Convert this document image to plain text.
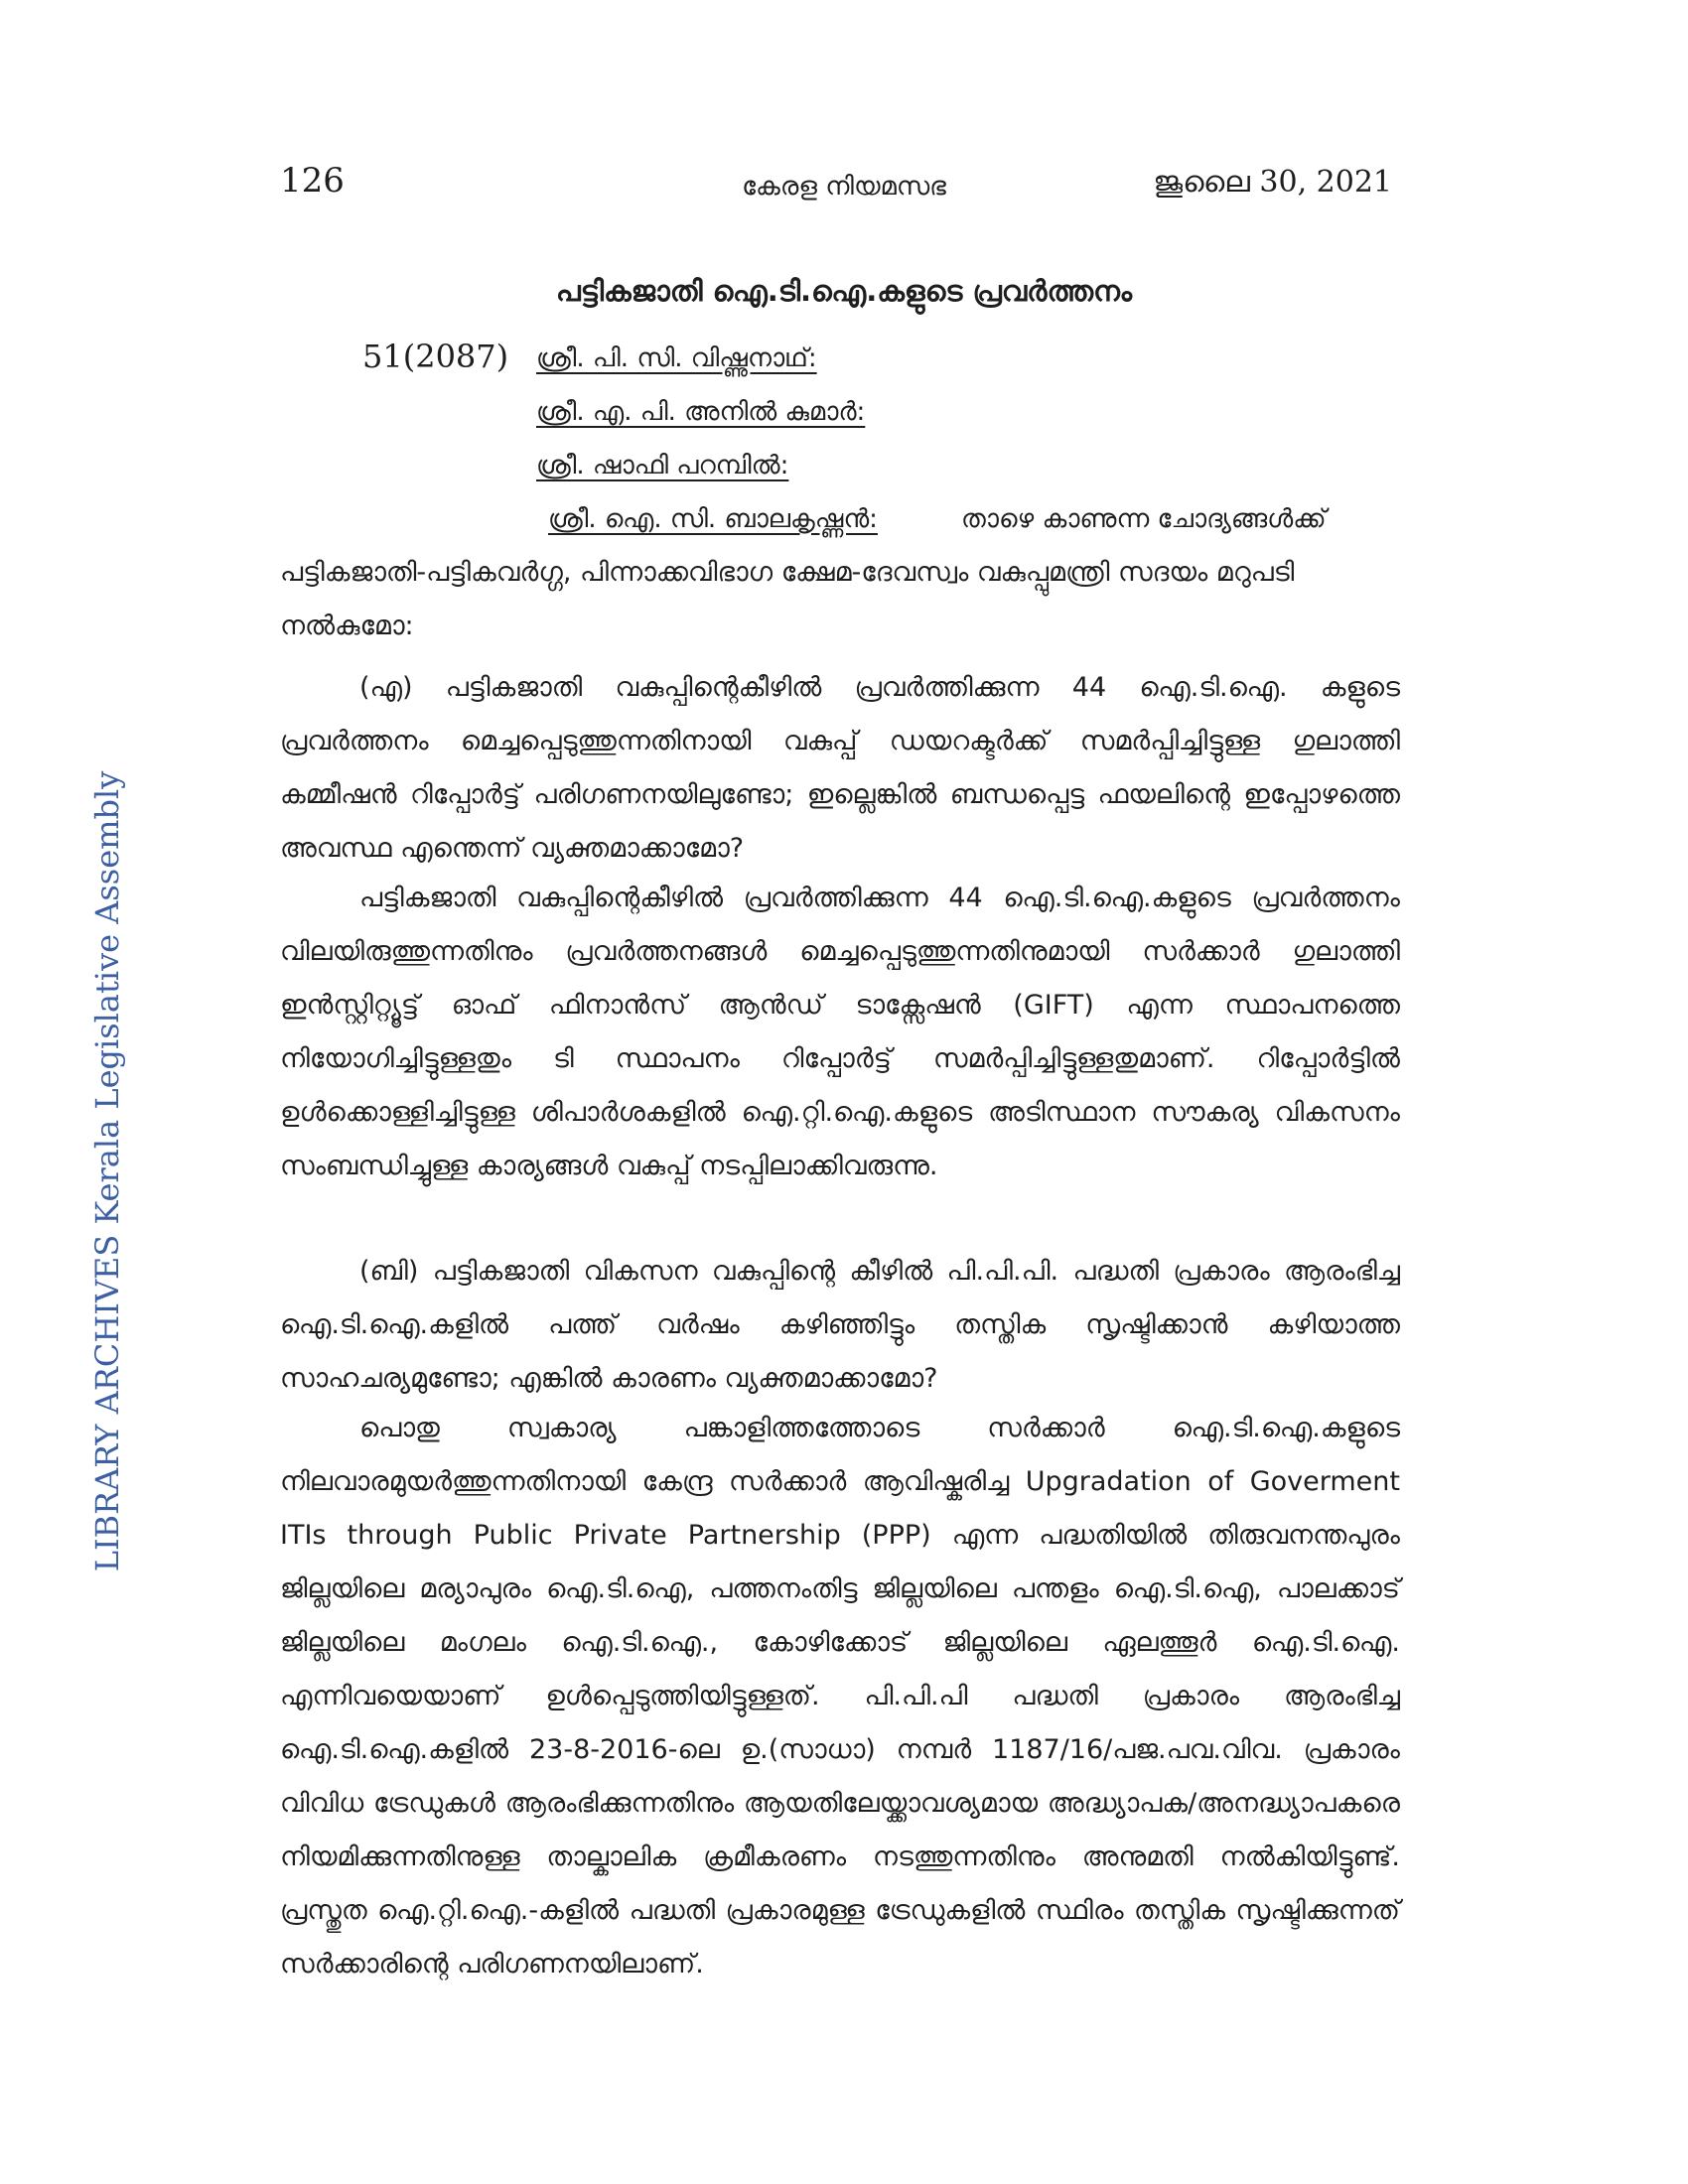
126	കേരള നിയമസഭ	ജൂലൈ 30, 2021
LIBRARY ARCHIVES Kerala Legislative Assembly
പട്ടികജാതി ഐ.ടി.ഐ.കളുടെ പ്രവർത്തനം
51(2087) ശ്രീ. പി. സി. വിഷ്ണുനാഥ്:
ശ്രീ. എ. പി. അനിൽ കുമാർ:
ശ്രീ. ഷാഫി പറമ്പിൽ:
ശ്രീ. ഐ. സി. ബാലകൃഷ്ണൻ:	താഴെ കാണുന്ന ചോദ്യങ്ങൾക്ക്
പട്ടികജാതി-പട്ടികവർഗ്ഗ, പിന്നാക്കവിഭാഗ ക്ഷേമ-ദേവസ്വം വകുപ്പുമന്ത്രി സദയം മറുപടി നൽകുമോ:
(എ) പട്ടികജാതി വകുപ്പിന്റെകീഴിൽ പ്രവർത്തിക്കുന്ന 44 ഐ.ടി.ഐ. കളുടെ പ്രവർത്തനം മെച്ചപ്പെടുത്തുന്നതിനായി വകുപ്പ് ഡയറക്ടർക്ക് സമർപ്പിച്ചിട്ടുള്ള ഗുലാത്തി കമ്മീഷൻ റിപ്പോർട്ട് പരിഗണനയിലുണ്ടോ; ഇല്ലെങ്കിൽ ബന്ധപ്പെട്ട ഫയലിന്റെ ഇപ്പോഴത്തെ അവസ്ഥ എന്തെന്ന് വ്യക്തമാക്കാമോ?
പട്ടികജാതി വകുപ്പിന്റെകീഴിൽ പ്രവർത്തിക്കുന്ന 44 ഐ.ടി.ഐ.കളുടെ പ്രവർത്തനം വിലയിരുത്തുന്നതിനും പ്രവർത്തനങ്ങൾ മെച്ചപ്പെടുത്തുന്നതിനുമായി സർക്കാർ ഗുലാത്തി ഇൻസ്റ്റിറ്റ്യൂട്ട് ഓഫ് ഫിനാൻസ് ആൻഡ് ടാക്സേഷൻ (GIFT) എന്ന സ്ഥാപനത്തെ നിയോഗിച്ചിട്ടുള്ളതും ടി സ്ഥാപനം റിപ്പോർട്ട് സമർപ്പിച്ചിട്ടുള്ളതുമാണ്. റിപ്പോർട്ടിൽ ഉൾക്കൊള്ളിച്ചിട്ടുള്ള ശിപാർശകളിൽ ഐ.റ്റി.ഐ.കളുടെ അടിസ്ഥാന സൗകര്യ വികസനം സംബന്ധിച്ചുള്ള കാര്യങ്ങൾ വകുപ്പ് നടപ്പിലാക്കിവരുന്നു.
(ബി) പട്ടികജാതി വികസന വകുപ്പിന്റെ കീഴിൽ പി.പി.പി. പദ്ധതി പ്രകാരം ആരംഭിച്ച ഐ.ടി.ഐ.കളിൽ പത്ത് വർഷം കഴിഞ്ഞിട്ടും തസ്തിക സൃഷ്ടിക്കാൻ കഴിയാത്ത സാഹചര്യമുണ്ടോ; എങ്കിൽ കാരണം വ്യക്തമാക്കാമോ?
പൊതു സ്വകാര്യ പങ്കാളിത്തത്തോടെ സർക്കാർ ഐ.ടി.ഐ.കളുടെ നിലവാരമുയർത്തുന്നതിനായി കേന്ദ്ര സർക്കാർ ആവിഷ്കരിച്ച Upgradation of Goverment ITIs through Public Private Partnership (PPP) എന്ന പദ്ധതിയിൽ തിരുവനന്തപുരം ജില്ലയിലെ മര്യാപുരം ഐ.ടി.ഐ, പത്തനംതിട്ട ജില്ലയിലെ പന്തളം ഐ.ടി.ഐ, പാലക്കാട് ജില്ലയിലെ മംഗലം ഐ.ടി.ഐ., കോഴിക്കോട് ജില്ലയിലെ ഏലത്തൂർ ഐ.ടി.ഐ. എന്നിവയെയാണ് ഉൾപ്പെടുത്തിയിട്ടുള്ളത്. പി.പി.പി പദ്ധതി പ്രകാരം ആരംഭിച്ച ഐ.ടി.ഐ.കളിൽ 23-8-2016-ലെ ഉ.(സാധാ) നമ്പർ 1187/16/പജ.പവ.വിവ. പ്രകാരം വിവിധ ട്രേഡുകൾ ആരംഭിക്കുന്നതിനും ആയതിലേയ്ക്കാവശ്യമായ അദ്ധ്യാപക/അനദ്ധ്യാപകരെ നിയമിക്കുന്നതിനുള്ള താല്കാലിക ക്രമീകരണം നടത്തുന്നതിനും അനുമതി നൽകിയിട്ടുണ്ട്. പ്രസ്തുത ഐ.റ്റി.ഐ.-കളിൽ പദ്ധതി പ്രകാരമുള്ള ട്രേഡുകളിൽ സ്ഥിരം തസ്തിക സൃഷ്ടിക്കുന്നത് സർക്കാരിന്റെ പരിഗണനയിലാണ്.
